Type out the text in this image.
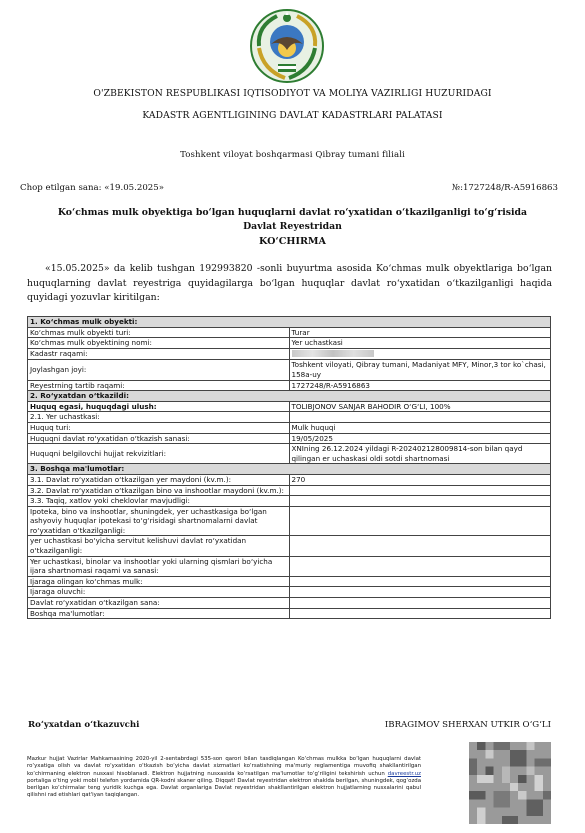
O'ZBEKISTON RESPUBLIKASI IQTISODIYOT VA MOLIYA VAZIRLIGI HUZURIDAGI
KADASTR AGENTLIGINING DAVLAT KADASTRLARI PALATASI
Toshkent viloyat boshqarmasi Qibray tumani filiali
Chop etilgan sana: «19.05.2025»	№:1727248/R-A5916863
Ko‘chmas mulk obyektiga bo‘lgan huquqlarni davlat ro‘yxatidan o‘tkazilganligi to‘g‘risida Davlat Reyestridan
KO‘CHIRMA
«15.05.2025» da kelib tushgan 192993820 -sonli buyurtma asosida Ko‘chmas mulk obyektlariga bo‘lgan huquqlarning davlat reyestriga quyidagilarga bo‘lgan huquqlar davlat ro‘yxatidan o‘tkazilganligi haqida quyidagi yozuvlar kiritilgan:
1. Ko‘chmas mulk obyekti:	
Ko‘chmas mulk obyekti turi:	Turar
Ko‘chmas mulk obyektining nomi:	Yer uchastkasi
Kadastr raqami:	
Joylashgan joyi:	Toshkent viloyati, Qibray tumani, Madaniyat MFY, Minor,3 tor ko`chasi, 158a-uy
Reyestrning tartib raqami:	1727248/R-A5916863
2. Ro‘yxatdan o‘tkazildi:	
Huquq egasi, huquqdagi ulush:	TOLIBJONOV SANJAR BAHODIR O‘G‘LI, 100%
2.1. Yer uchastkasi:	
Huquq turi:	Mulk huquqi
Huquqni davlat ro‘yxatidan o‘tkazish sanasi:	19/05/2025
Huquqni belgilovchi hujjat rekvizitlari:	XNIning 26.12.2024 yildagi R-202402128009814-son bilan qayd qilingan er uchaskasi oldi sotdi shartnomasi
3. Boshqa ma'lumotlar:	
3.1. Davlat ro‘yxatidan o‘tkazilgan yer maydoni (kv.m.):	270
3.2. Davlat ro‘yxatidan o‘tkazilgan bino va inshootlar maydoni (kv.m.):	
3.3. Taqiq, xatlov yoki cheklovlar mavjudligi:	
Ipoteka, bino va inshootlar, shuningdek, yer uchastkasiga bo‘lgan ashyoviy huquqlar ipotekasi to‘g‘risidagi shartnomalarni davlat ro‘yxatidan o‘tkazilganligi:	
yer uchastkasi bo‘yicha servitut kelishuvi davlat ro‘yxatidan o‘tkazilganligi:	
Yer uchastkasi, binolar va inshootlar yoki ularning qismlari bo‘yicha ijara shartnomasi raqami va sanasi:	
Ijaraga olingan ko‘chmas mulk:	
Ijaraga oluvchi:	
Davlat ro‘yxatidan o‘tkazilgan sana:	
Boshqa ma'lumotlar:	
Ro‘yxatdan o‘tkazuvchi	IBRAGIMOV SHERXAN UTKIR O‘G‘LI
Mazkur hujjat Vazirlar Mahkamasining 2020-yil 2-sentabrdagi 535-son qarori bilan tasdiqlangan Ko‘chmas mulkka bo‘lgan huquqlarni davlat ro‘yxatiga olish va davlat ro‘yxatidan o‘tkazish bo‘yicha davlat xizmatlari ko‘rsatishning ma'muriy reglamentiga muvofiq shakllantirilgan ko‘chirmaning elektron nusxasi hisoblanadi. Elektron hujjatning nusxasida ko‘rsatilgan ma'lumotlar to‘g‘riligini tekshirish uchun davreestr.uz portaliga o‘ting yoki mobil telefon yordamida QR-kodni skaner qiling. Diqqat! Davlat reyestridan elektron shaklda berilgan, shuningdek, qog‘ozda berilgan ko‘chirmalar teng yuridik kuchga ega. Davlat organlariga Davlat reyestridan shakllantirilgan elektron hujjatlarning nusxalarini qabul qilishni rad etishlari qat'iyan taqiqlangan.
